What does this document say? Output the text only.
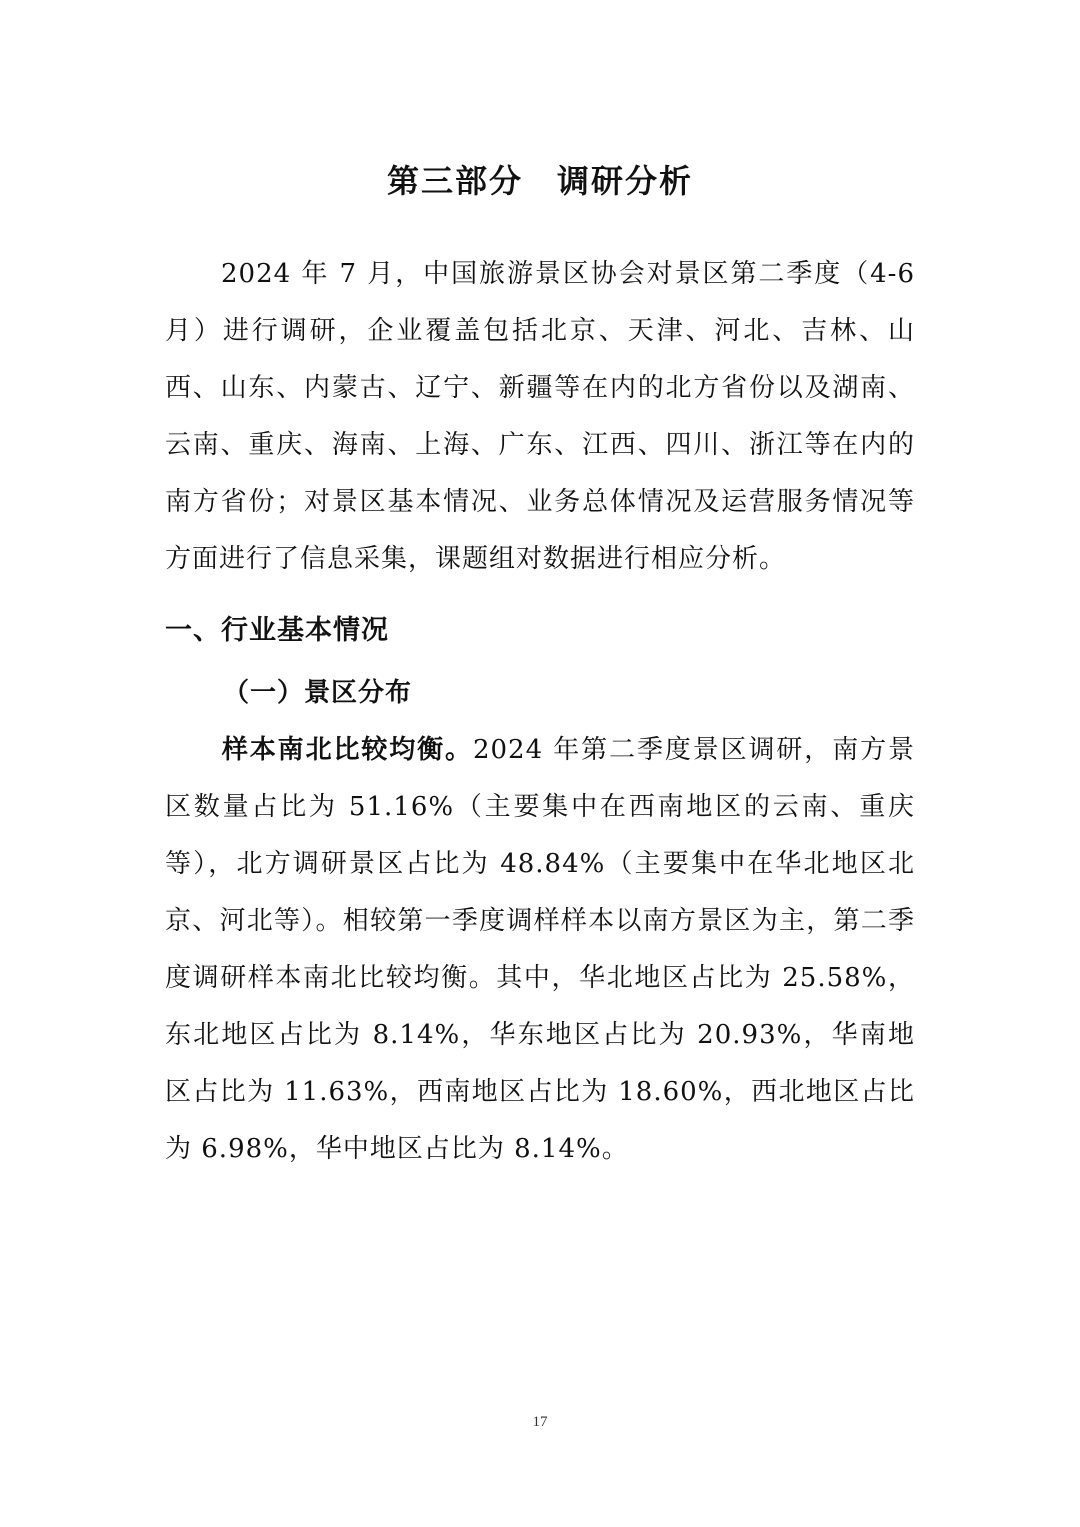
第三部分 调研分析

2024 年 7 月，中国旅游景区协会对景区第二季度（4-6 月）进行调研，企业覆盖包括北京、天津、河北、吉林、山西、山东、内蒙古、辽宁、新疆等在内的北方省份以及湖南、云南、重庆、海南、上海、广东、江西、四川、浙江等在内的南方省份；对景区基本情况、业务总体情况及运营服务情况等方面进行了信息采集，课题组对数据进行相应分析。

一、行业基本情况
（一）景区分布

样本南北比较均衡。2024 年第二季度景区调研，南方景区数量占比为 51.16%（主要集中在西南地区的云南、重庆等），北方调研景区占比为 48.84%（主要集中在华北地区北京、河北等）。相较第一季度调样样本以南方景区为主，第二季度调研样本南北比较均衡。其中，华北地区占比为 25.58%，东北地区占比为 8.14%，华东地区占比为 20.93%，华南地区占比为 11.63%，西南地区占比为 18.60%，西北地区占比为 6.98%，华中地区占比为 8.14%。

17
